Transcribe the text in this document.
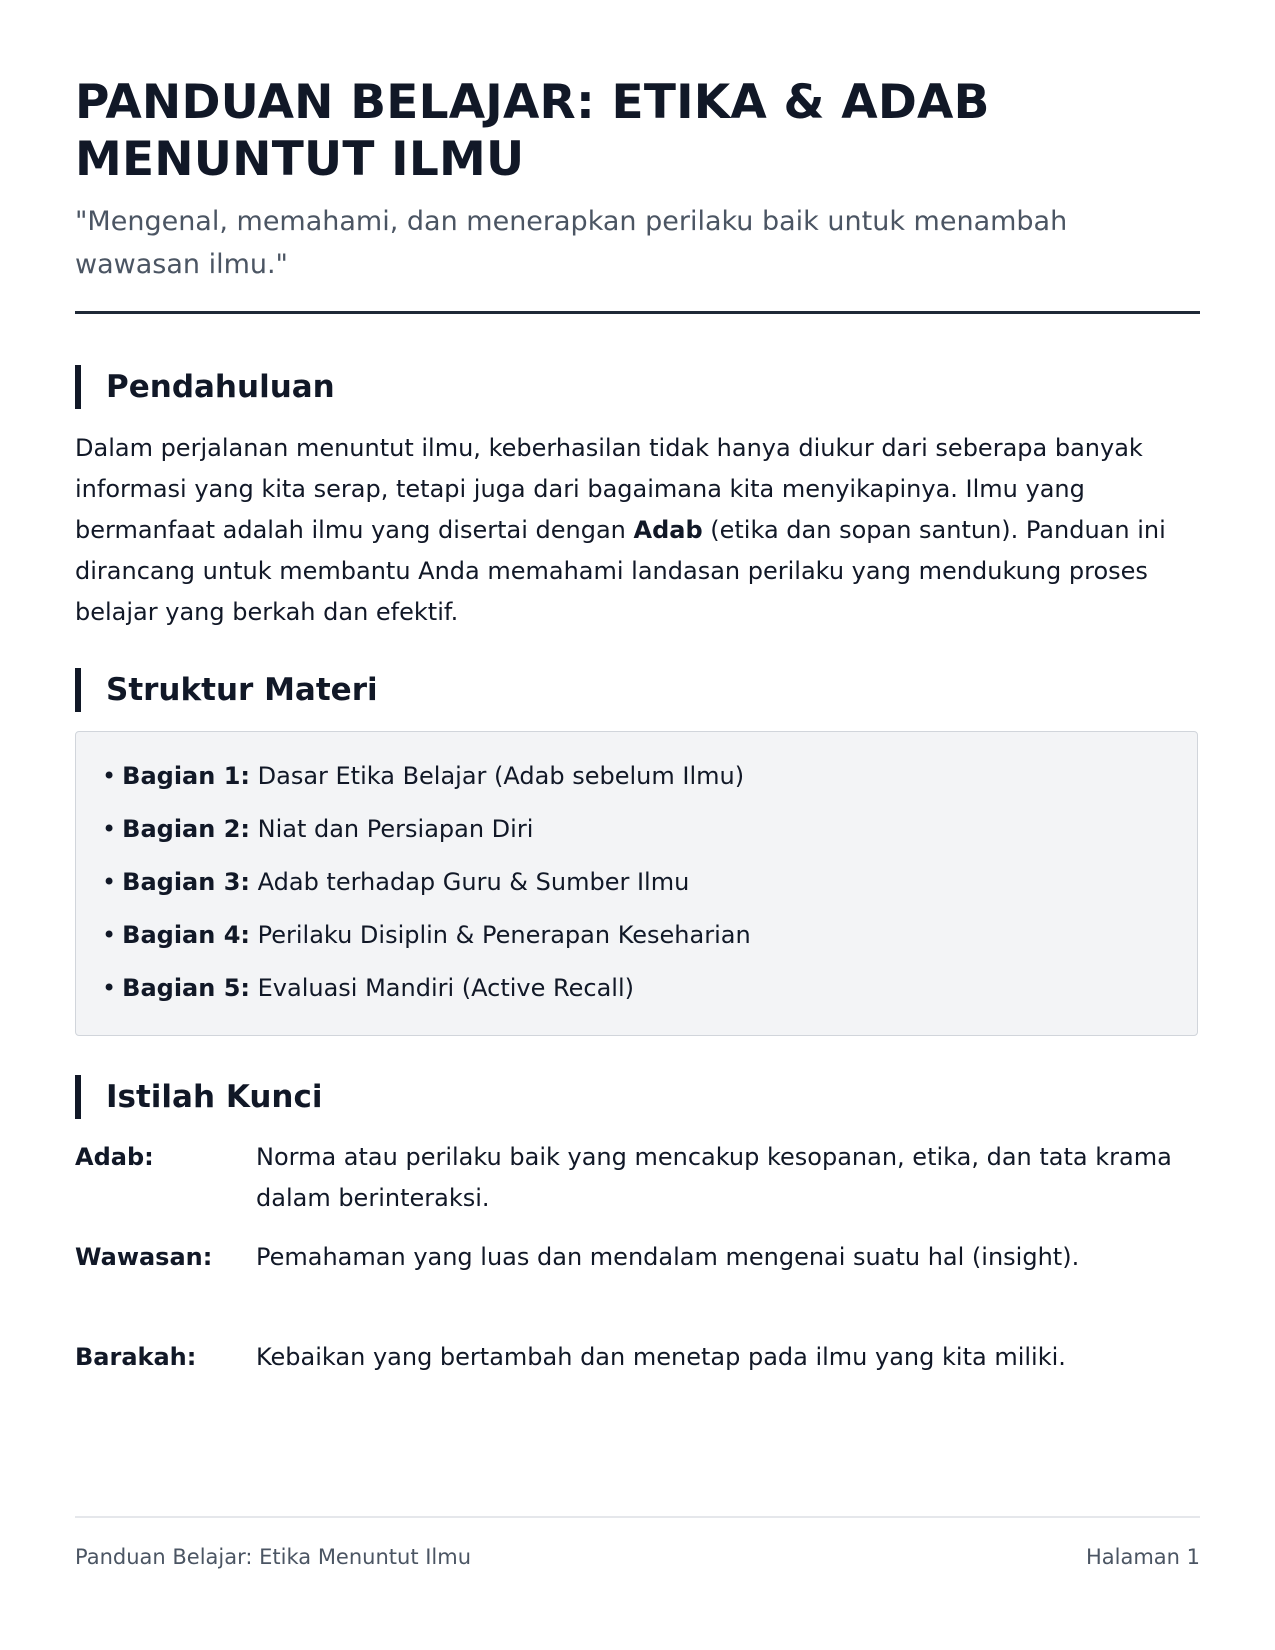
PANDUAN BELAJAR: ETIKA & ADAB MENUNTUT ILMU

"Mengenal, memahami, dan menerapkan perilaku baik untuk menambah wawasan ilmu."

Pendahuluan

Dalam perjalanan menuntut ilmu, keberhasilan tidak hanya diukur dari seberapa banyak informasi yang kita serap, tetapi juga dari bagaimana kita menyikapinya. Ilmu yang bermanfaat adalah ilmu yang disertai dengan Adab (etika dan sopan santun). Panduan ini dirancang untuk membantu Anda memahami landasan perilaku yang mendukung proses belajar yang berkah dan efektif.

Struktur Materi
• Bagian 1: Dasar Etika Belajar (Adab sebelum Ilmu)
• Bagian 2: Niat dan Persiapan Diri
• Bagian 3: Adab terhadap Guru & Sumber Ilmu
• Bagian 4: Perilaku Disiplin & Penerapan Keseharian
• Bagian 5: Evaluasi Mandiri (Active Recall)
Istilah Kunci
Adab:	Norma atau perilaku baik yang mencakup kesopanan, etika, dan tata krama dalam berinteraksi.
Wawasan: Pemahaman yang luas dan mendalam mengenai suatu hal (insight).
Barakah: Kebaikan yang bertambah dan menetap pada ilmu yang kita miliki.
Panduan Belajar: Etika Menuntut Ilmu	Halaman 1
